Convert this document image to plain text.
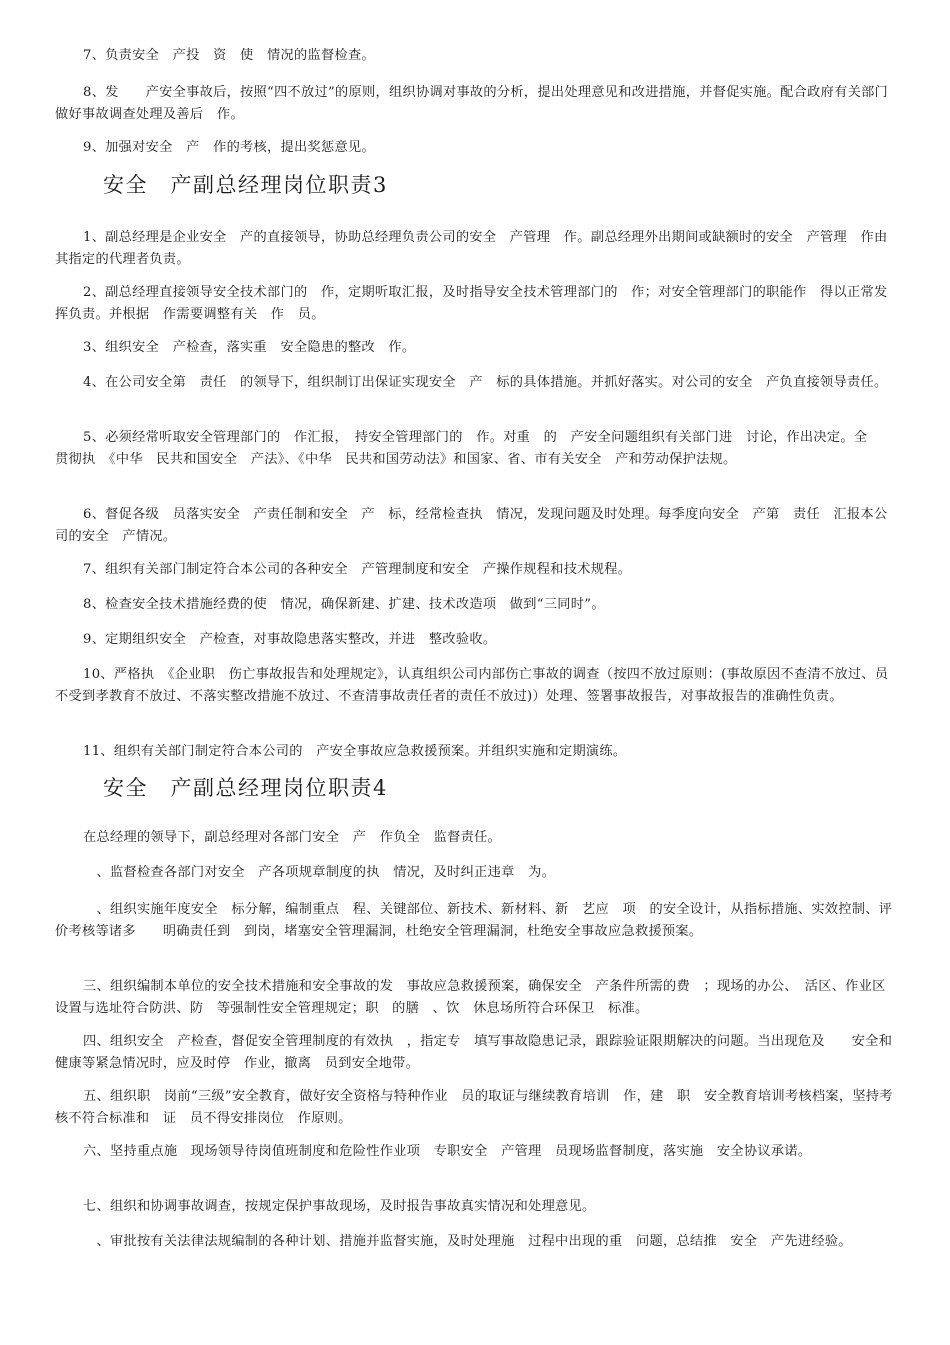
7、负责安全　产投　资　使　情况的监督检查。

8、发　　产安全事故后，按照“四不放过”的原则，组织协调对事故的分析，提出处理意见和改进措施，并督促实施。配合政府有关部门做好事故调查处理及善后　作。

9、加强对安全　产　作的考核，提出奖惩意见。

安全　产副总经理岗位职责3

1、副总经理是企业安全　产的直接领导，协助总经理负责公司的安全　产管理　作。副总经理外出期间或缺额时的安全　产管理　作由其指定的代理者负责。

2、副总经理直接领导安全技术部门的　作，定期听取汇报，及时指导安全技术管理部门的　作；对安全管理部门的职能作　得以正常发挥负责。并根据　作需要调整有关　作　员。

3、组织安全　产检查，落实重　安全隐患的整改　作。

4、在公司安全第　责任　的领导下，组织制订出保证实现安全　产　标的具体措施。并抓好落实。对公司的安全　产负直接领导责任。

5、必须经常听取安全管理部门的　作汇报，　持安全管理部门的　作。对重　的　产安全问题组织有关部门进　讨论，作出决定。全　贯彻执　《中华　民共和国安全　产法》、《中华　民共和国劳动法》和国家、省、市有关安全　产和劳动保护法规。

6、督促各级　员落实安全　产责任制和安全　产　标，经常检查执　情况，发现问题及时处理。每季度向安全　产第　责任　汇报本公司的安全　产情况。

7、组织有关部门制定符合本公司的各种安全　产管理制度和安全　产操作规程和技术规程。

8、检查安全技术措施经费的使　情况，确保新建、扩建、技术改造项　做到“三同时”。

9、定期组织安全　产检查，对事故隐患落实整改，并进　整改验收。

10、严格执　《企业职　伤亡事故报告和处理规定》，认真组织公司内部伤亡事故的调查（按四不放过原则：(事故原因不查清不放过、员　不受到孝教育不放过、不落实整改措施不放过、不查清事故责任者的责任不放过)）处理、签署事故报告，对事故报告的准确性负责。

11、组织有关部门制定符合本公司的　产安全事故应急救援预案。并组织实施和定期演练。

安全　产副总经理岗位职责4

在总经理的领导下，副总经理对各部门安全　产　作负全　监督责任。

　、监督检查各部门对安全　产各项规章制度的执　情况，及时纠正违章　为。

　、组织实施年度安全　标分解，编制重点　程、关键部位、新技术、新材料、新　艺应　项　的安全设计，从指标措施、实效控制、评价考核等诸多　　明确责任到　到岗，堵塞安全管理漏洞，杜绝安全管理漏洞，杜绝安全事故应急救援预案。

三、组织编制本单位的安全技术措施和安全事故的发　事故应急救援预案，确保安全　产条件所需的费　；现场的办公、　活区、作业区设置与选址符合防洪、防　等强制性安全管理规定；职　的膳　、饮　休息场所符合环保卫　标准。

四、组织安全　产检查，督促安全管理制度的有效执　，指定专　填写事故隐患记录，跟踪验证限期解决的问题。当出现危及　　安全和健康等紧急情况时，应及时停　作业，撤离　员到安全地带。

五、组织职　岗前“三级”安全教育，做好安全资格与特种作业　员的取证与继续教育培训　作，建　职　安全教育培训考核档案，坚持考核不符合标准和　证　员不得安排岗位　作原则。

六、坚持重点施　现场领导待岗值班制度和危险性作业项　专职安全　产管理　员现场监督制度，落实施　安全协议承诺。

七、组织和协调事故调查，按规定保护事故现场，及时报告事故真实情况和处理意见。

　、审批按有关法律法规编制的各种计划、措施并监督实施，及时处理施　过程中出现的重　问题，总结推　安全　产先进经验。
